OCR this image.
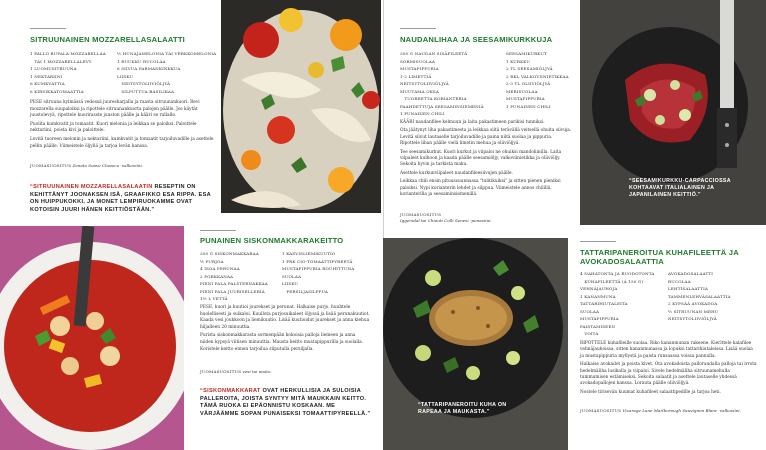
SITRUUNAINEN MOZZARELLASALAATTI
1 PALLO BUFALA-MOZZARELLAA
TAI 1 MOZZARELLALEVY
1 LUOMUSITRUUNA
1 NEKTARIINI
6 KUMKVATTIA
6 KIRSIKKATOMAATTIA
½ HUNAJAMELONIA TAI VERKKOMELONIA
1 RUUKKU RUCOLAA
6 SIIVUA PARMANKINKKUA
LIISKU
NEITSYTOLIIVIÖLJYÄ
SILPUTTUA BASILIKAA

PESE sitruuna kylmässä vedessä juuresharjalla ja raasta sitruunankuori. Revi mozzarella suupaloiksi ja ripottele sitruunankuorta palojen päälle. Jos käytät juustolevyä, ripottele kuorirasste juuston päälle ja kääri se rullalle.

Puolita kumkvatit ja tomaatit. Kuori melonia ja leikkaa se paloiksi. Paloittele nektariini, poista kivi ja paloittele.

Levitä tuoreen melonin ja nektariini, kumkvatit ja tomaatit tarjoiluvadille ja asettele pellin päälle. Viimeistele öljyllä ja tarjoa levän kanssa.

JUOMASUOSITUS Zenato Soave Classico -valkoviini.
“SITRUUNAINEN MOZZARELLASALAATIN RESEPTIN ON KEHITTÄNYT JOONAKSEN ISÄ, GRAAFIKKO ESA RIPPA. ESA ON HUIPPUKOKKI, JA MONET LEMPIRUOKAMME OVAT KOTOISIN JUURI HÄNEN KEITTIÖSTÄÄN.”
NAUDANLIHAA JA SEESAMIKURKKUJA
300 G NAUDAN SISÄFILEETÄ
SORMISUOLAA
MUSTAPIPPURIA
1-2 LIMETTIÄ
NEITSYTOLIIVIÖLJYÄ
MUUTAMA OKSA
TUOREETTA KORIANTERIA
PAAHDETTUJA SEESAMINSIEMENIÄ
1 PUNAINEN CHILI
SEESAMIKURKUT
1 KURKKU
2 TL SEESAMIÖLJYÄ
2 RKL VALKOVIINIETIKKAA
2-3 TL OLIIVIÖLJYÄ
MERISUOLAA
MUSTAPIPPURIA
1 PUNAINEN CHILI

KÄÄRI naudanfilee kelmuun ja laita pakastimeen parikisi tunniksi.

Ota jäätynyt liha pakastimesta ja leikkaa siitä terävällä veitsellä ohuita siivuja. Levitä siivut lautaselle tarjoiluvadille ja paina niitä suolaa ja pippuria. Ripottele lihan päälle vielä limetin mehua ja oliiviöljyä.

Tee seesamikurkut. Kuori kurkut ja viipaloi ne ohuiksi mandoliinilla. Laita viipaleet kulhoon ja kaada päälle seesamiöljy, valkoviinietikka ja oliiviöljy. Sekoita hyvin ja tarkista maku.

Asettele kurkunviipaleet naudanfileesiivujen päälle.

Leikkaa chili ensin pituussuunnassa "tulitikuiksi" ja sitten pienen pieniksi paloiksi. Nypi korianterin lehdet ja silppua. Viimeistele annos chilillä, korianterilla ja seesaminsiemenillä.

JUOMASUOSITUS
Iggersdal tai Chianti Colli Senesi -punaviini.
“SEESAMIKURKKU-CARPACCIOSSA KOHTAAVAT ITALIALAINEN JA JAPANILAINEN KEITTIÖ.”
PUNAINEN SISKONMAKKARAKEITTO
300 G SISKONMAKKARAA
½ PURJOA
4 ISOA PERUNAA
2 PORKKANAA
PIENI PALA PALSTERNAKKAA
PIENI PALA JUURISELLERIÄ
1½ L VETTÄ
1 KASVISLIEMIKUUTIO
1 PRK CIO-TOMAATTIPYREETÄ
MUSTAPIPPURIA ROUHITTUNA
SUOLAA
LIISKU
PERSILJASILPPUA

PESE, kuori ja kuutioi juurekset ja perunat. Halkaise purjo, huuhtele huolellisesti ja suikaloi. Kuullota purjosuikaleet öljyssä ja lisää perunakuutiot. Kaada vesi joukkoon ja liemikuutio. Lisää kuutioidut juurekset ja anna kiehua hiljalleen 20 minuuttia.

Purista siskonmakkarasta sormenpään kokoisia palloja liemeen ja anna niiden kypsyä viitisen minuuttia. Mausta keitto mustapippurilla ja suolalla. Koristele keitto ennen tarjoilua silputulla persiljalla.

JUOMASUOSITUS vesi tai maito.
“SISKONMAKKARAT OVAT HERKULLISIA JA SULOISIA PALLEROITA, JOISTA SYNTYY MITÄ MAUKKAIN KEITTO. TÄMÄ RUOKA EI EPÄONNISTU KOSKAAN. ME VÄRJÄÄMME SOPAN PUNAISEKSI TOMAATTIPYREELLÄ.”
“TATTARIPANEROITU KUHA ON RAPEAA JA MAUKASTA.”
TATTARIPANEROITUA KUHAFILEETTÄ JA AVOKADOSALAATTIA
4 NAHATONTA JA RUODOTONTA
KUHAFILEETTÄ (Á 150 G)
VEHNÄJAUHOJA
1 KANANMUNA
TATTARIHIUTALEITA
SUOLAA
MUSTAPIPPURIA
PAISTAMISEEN
VOITA
AVOKADOSALAATTI
RUCOLAA
LEHTISALAATTIA
TAMMENLEHVÄSALAATTIA
2 KYPSÄÄ AVOKADOA
½ SITRUUNAN MEHU
NEITSYTOLIIVIÖLJYÄ

RIPOTTELE kuhafileille suolaa. Riko kananmunan rakeene. Kierittele kalafilee vehnäjauhoissa, sitten kananmunassa ja lopuksi tattarihiutaleissa. Lisää suolaa ja mustapippuria myllystä ja paista runsaassa voissa pannulla.

Halkaise avokadot ja poista kivet. Ota avokadoista palloraudalla palloja tai irrota hedelmäliha lusikalla ja viipaloi. Sivele hedelmäliha sitruunamehulla tummumisen estämiseksi. Sekoita salaatit ja asettele lautaselle yhdessä avokadopallojen kanssa. Lorauta päälle oliiviöljyä.

Nostele tirisevän kuumat kuhafileet salaattipedille ja tarjoa heti.

JUOMASUOSITUS Vicarage Lane Marlborough Sauvignon Blanc -valkoviini.
